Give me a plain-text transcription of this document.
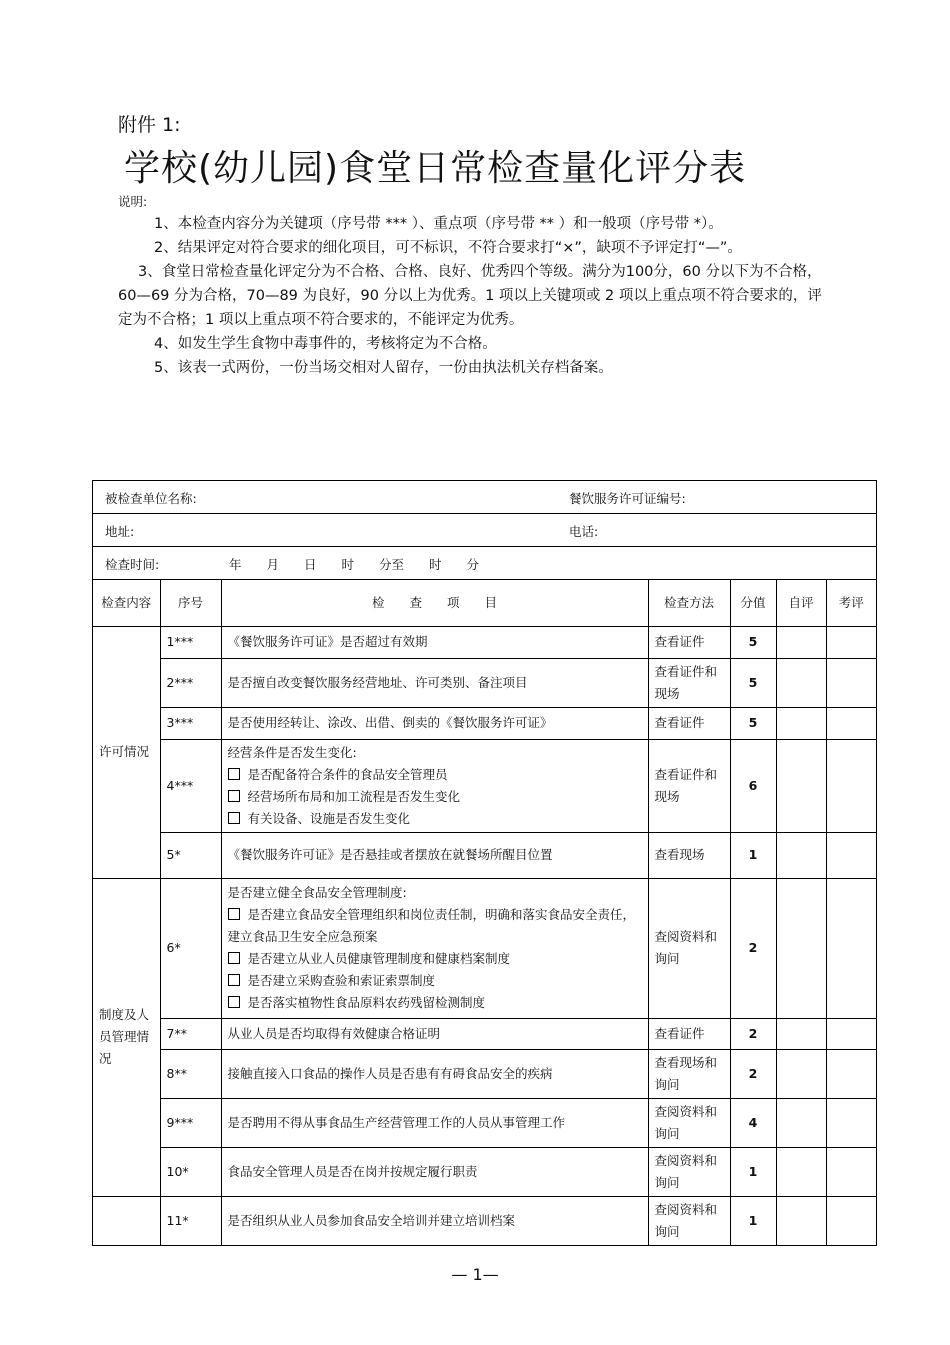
附件 1:
学校(幼儿园)食堂日常检查量化评分表

说明:

1、本检查内容分为关键项（序号带 *** ）、重点项（序号带 ** ）和一般项（序号带 *）。

2、结果评定对符合要求的细化项目，可不标识，不符合要求打“×”，缺项不予评定打“—”。

3、食堂日常检查量化评定分为不合格、合格、良好、优秀四个等级。满分为100分，60 分以下为不合格，60—69 分为合格，70—89 为良好，90 分以上为优秀。1 项以上关键项或 2 项以上重点项不符合要求的，评定为不合格；1 项以上重点项不符合要求的，不能评定为优秀。

4、如发生学生食物中毒事件的，考核将定为不合格。

5、该表一式两份，一份当场交相对人留存，一份由执法机关存档备案。

被检查单位名称:	餐饮服务许可证编号:
地址:	电话:
检查时间:	年　　月　　日　　时　　分至　　时　　分
检查内容	序号	检　　查　　项　　目	检查方法	分值	自评	考评
许可情况	1***	《餐饮服务许可证》是否超过有效期	查看证件	5		
	2***	是否擅自改变餐饮服务经营地址、许可类别、备注项目	查看证件和现场	5		
	3***	是否使用经转让、涂改、出借、倒卖的《餐饮服务许可证》	查看证件	5		
	4***	经营条件是否发生变化:
是否配备符合条件的食品安全管理员
经营场所布局和加工流程是否发生变化
有关设备、设施是否发生变化	查看证件和现场	6		
	5*	《餐饮服务许可证》是否悬挂或者摆放在就餐场所醒目位置	查看现场	1		
制度及人员管理情况	6*	是否建立健全食品安全管理制度:
是否建立食品安全管理组织和岗位责任制，明确和落实食品安全责任，建立食品卫生安全应急预案
是否建立从业人员健康管理制度和健康档案制度
是否建立采购查验和索证索票制度
是否落实植物性食品原料农药残留检测制度	查阅资料和询问	2		
	7**	从业人员是否均取得有效健康合格证明	查看证件	2		
	8**	接触直接入口食品的操作人员是否患有有碍食品安全的疾病	查看现场和询问	2		
	9***	是否聘用不得从事食品生产经营管理工作的人员从事管理工作	查阅资料和询问	4		
	10*	食品安全管理人员是否在岗并按规定履行职责	查阅资料和询问	1		
	11*	是否组织从业人员参加食品安全培训并建立培训档案	查阅资料和询问	1		
— 1—
